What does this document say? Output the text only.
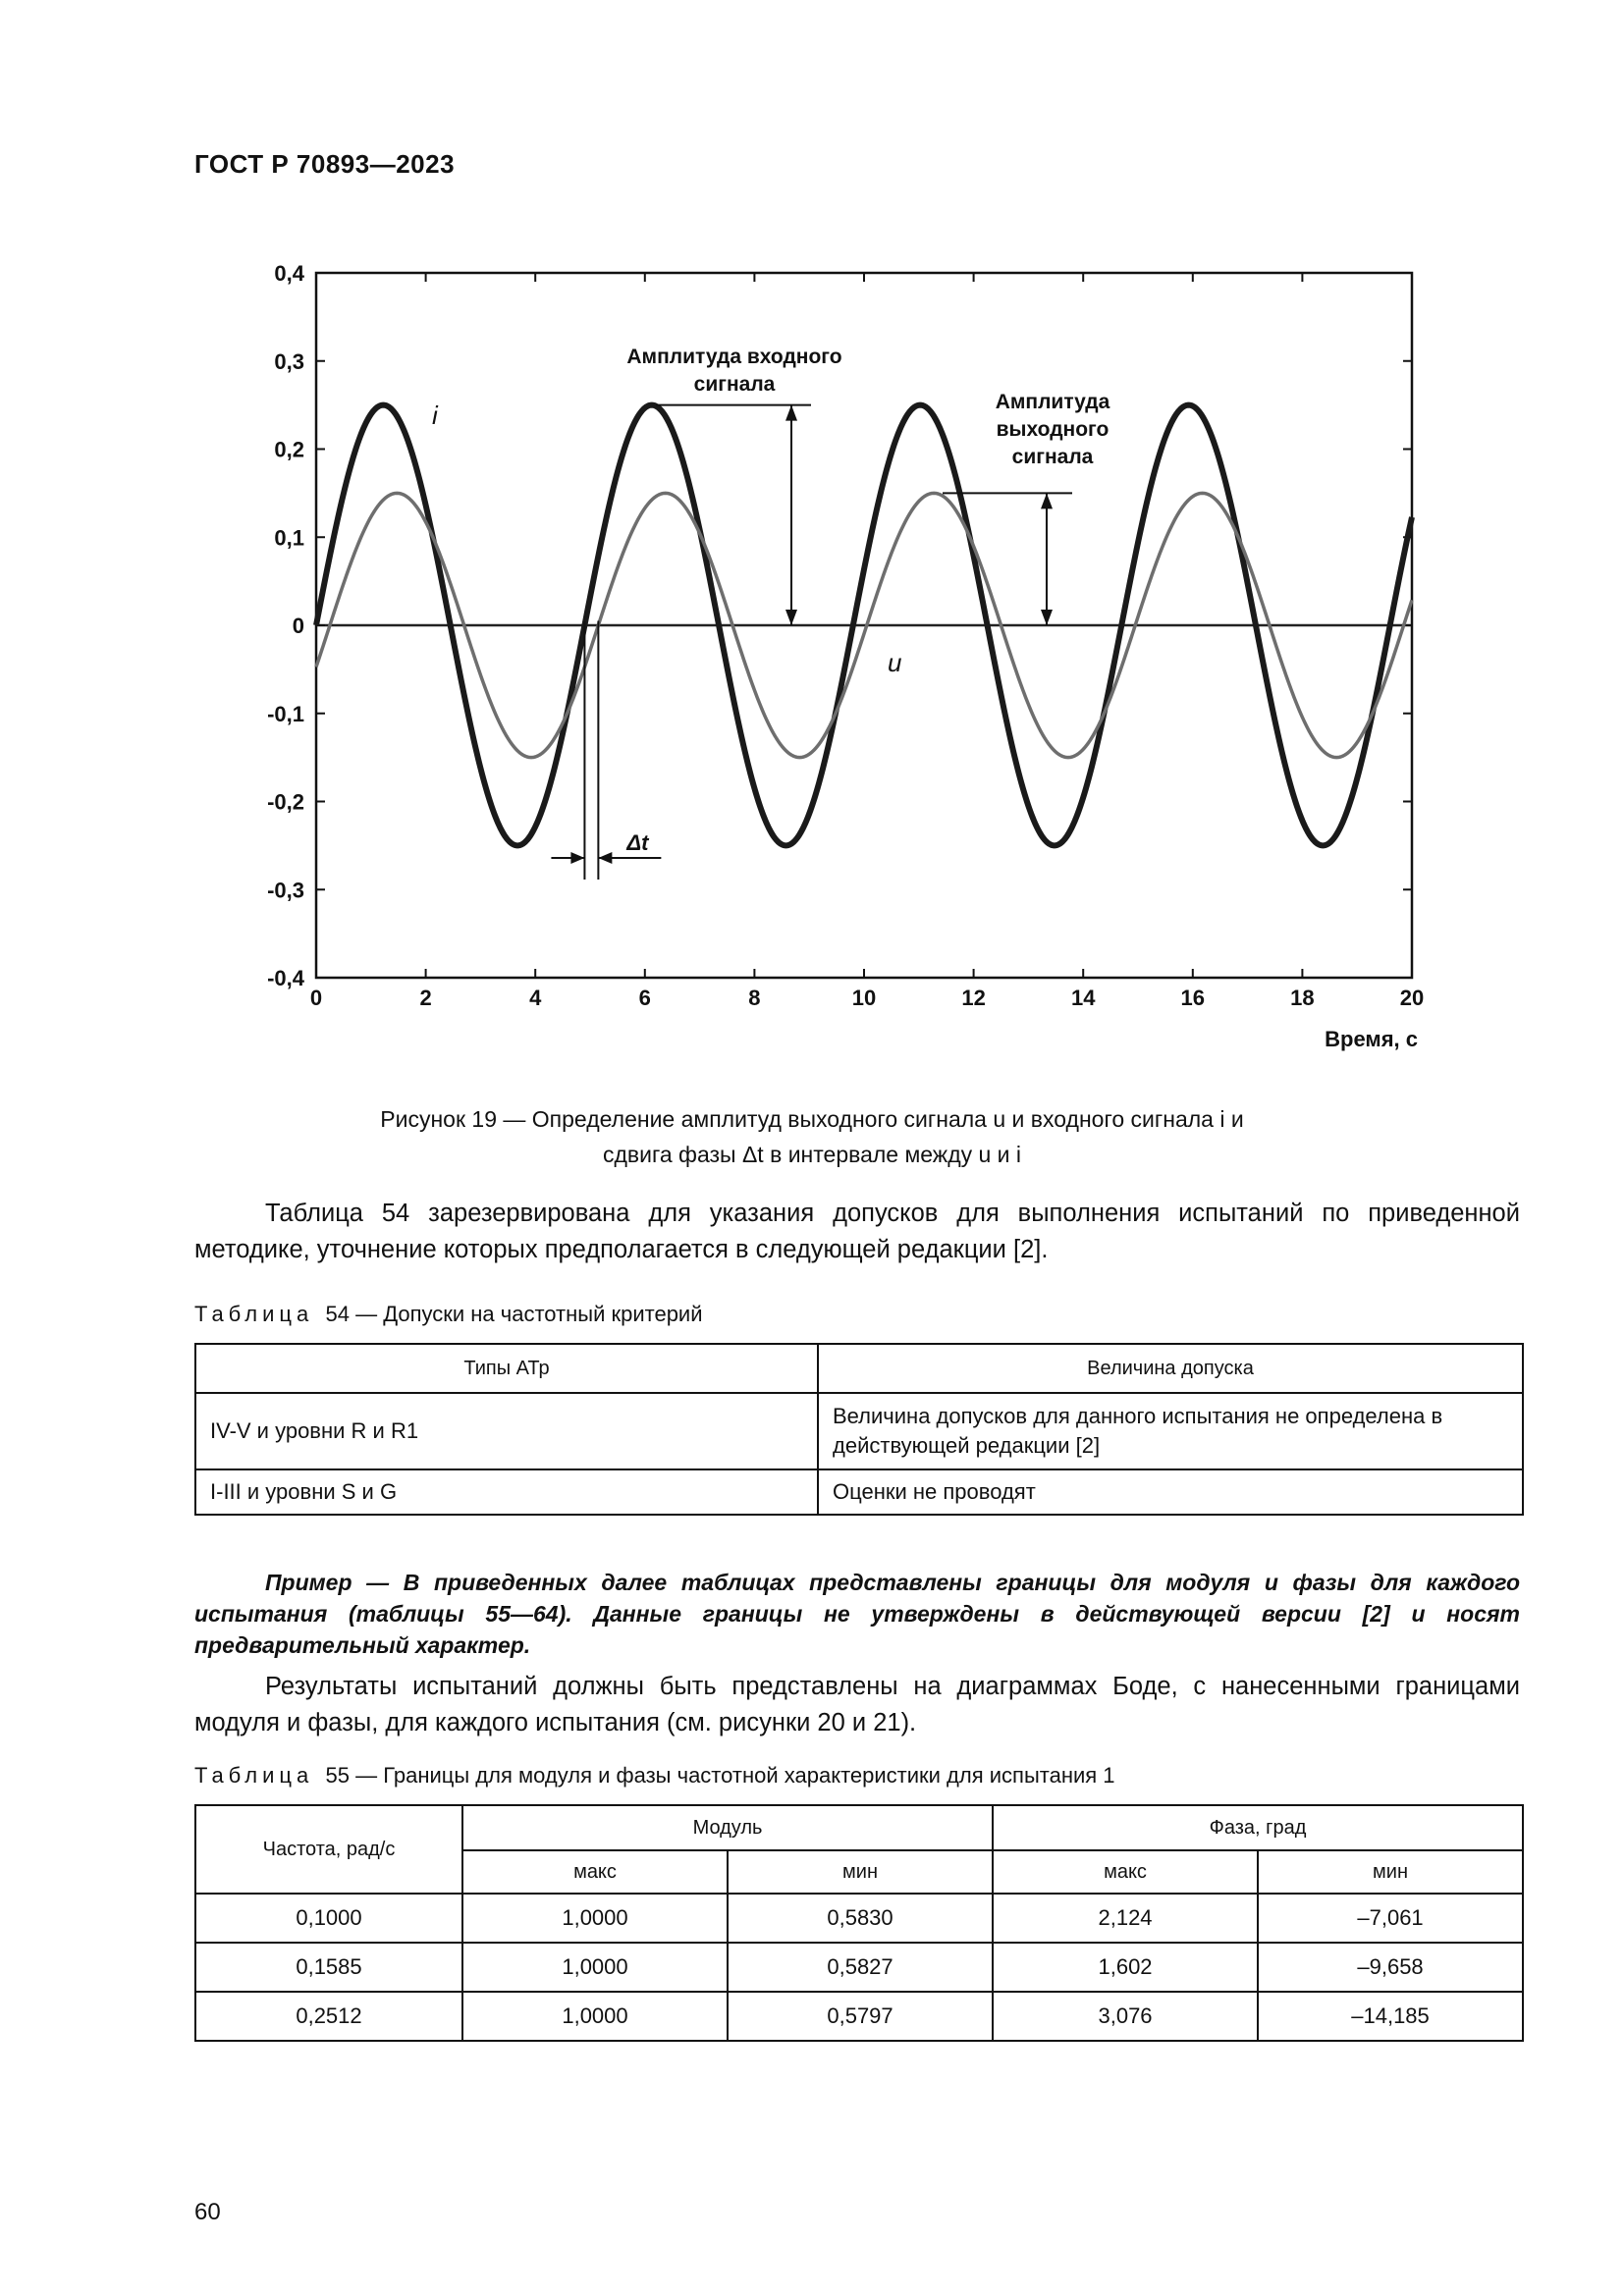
ГОСТ Р 70893—2023
0	2	4	6	8	10	12	14	16	18	20
0,4
0,3
0,2
0,1
0
-0,1
-0,2
-0,3
-0,4
Время, с
Амплитуда входного
сигнала
Амплитуда
выходного
сигнала
Δt
i
u
Рисунок 19 — Определение амплитуд выходного сигнала u и входного сигнала i и
сдвига фазы Δt в интервале между u и i
Таблица 54 зарезервирована для указания допусков для выполнения испытаний по приведенной методике, уточнение которых предполагается в следующей редакции [2].
Таблица 54 — Допуски на частотный критерий
Типы АТр	Величина допуска
IV-V и уровни R и R1	Величина допусков для данного испытания не определена в действующей редакции [2]
I-III и уровни S и G	Оценки не проводят
Пример — В приведенных далее таблицах представлены границы для модуля и фазы для каждого испытания (таблицы 55—64). Данные границы не утверждены в действующей версии [2] и носят предварительный характер.
Результаты испытаний должны быть представлены на диаграммах Боде, с нанесенными границами модуля и фазы, для каждого испытания (см. рисунки 20 и 21).
Таблица 55 — Границы для модуля и фазы частотной характеристики для испытания 1
Частота, рад/с	Модуль		Фаза, град	
	макс	мин	макс	мин
0,1000	1,0000	0,5830	2,124	–7,061
0,1585	1,0000	0,5827	1,602	–9,658
0,2512	1,0000	0,5797	3,076	–14,185
60
